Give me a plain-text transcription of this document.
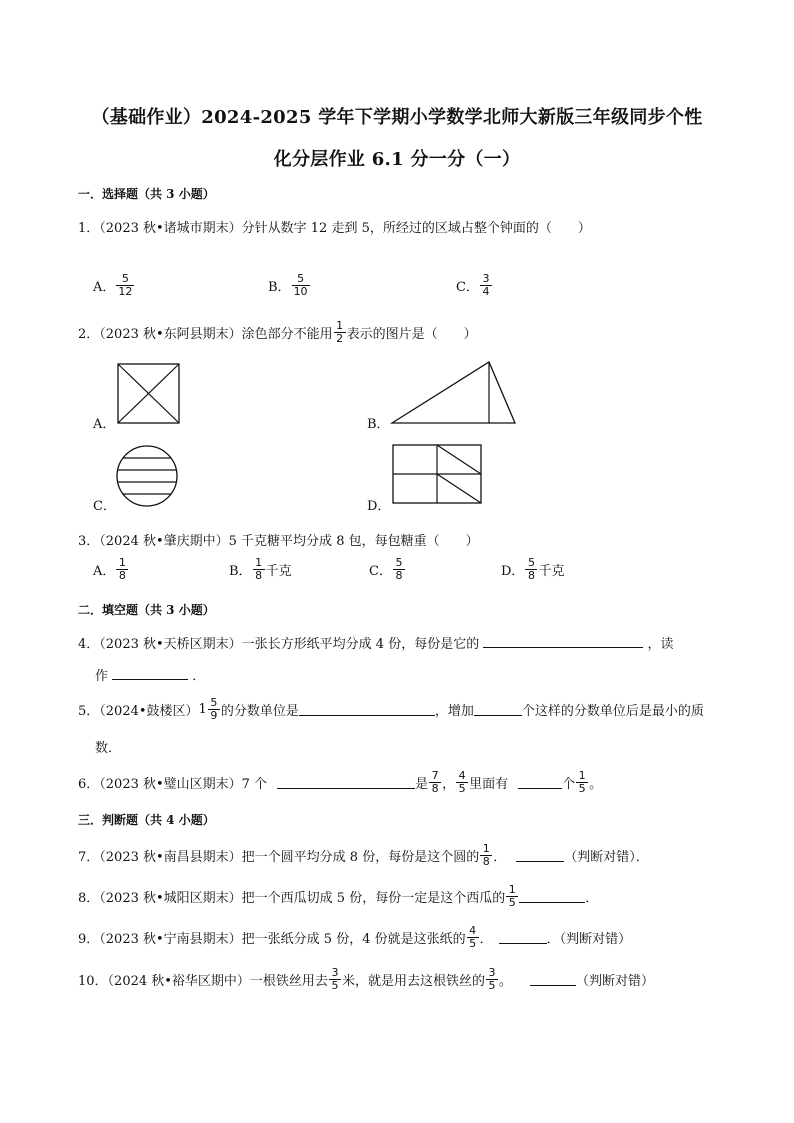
（基础作业）2024-2025 学年下学期小学数学北师大新版三年级同步个性
化分层作业 6.1 分一分（一）
一．选择题（共 3 小题）
1．（2023 秋•诸城市期末）分针从数字 12 走到 5，所经过的区域占整个钟面的（　　）
A． $\frac{5}{12}$	B． $\frac{5}{10}$	C． $\frac{3}{4}$
2．（2023 秋•东阿县期末）涂色部分不能用 $\frac{1}{2}$ 表示的图片是（　　）
A．	B．
C．	D．
3．（2024 秋•肇庆期中）5 千克糖平均分成 8 包，每包糖重（　　）
A． $\frac{1}{8}$	B． $\frac{1}{8}$ 千克	C． $\frac{5}{8}$	D． $\frac{5}{8}$ 千克
二．填空题（共 3 小题）
4．（2023 秋•天桥区期末）一张长方形纸平均分成 4 份，每份是它的	，读
作	．
5．（2024•鼓楼区） $1 \frac{5}{9}$ 的分数单位是	，增加	个这样的分数单位后是最小的质
数．
6．（2023 秋•璧山区期末）7 个	是 $\frac{7}{8}$ ， $\frac{4}{5}$ 里面有	个 $\frac{1}{5}$ 。
三．判断题（共 4 小题）
7．（2023 秋•南昌县期末）把一个圆平均分成 8 份，每份是这个圆的 $\frac{1}{8}$ ．	（判断对错）．
8．（2023 秋•城阳区期末）把一个西瓜切成 5 份，每份一定是这个西瓜的 $\frac{1}{5}$	．
9．（2023 秋•宁南县期末）把一张纸分成 5 份，4 份就是这张纸的 $\frac{4}{5}$ ．	．（判断对错）
10．（2024 秋•裕华区期中）一根铁丝用去 $\frac{3}{5}$ 米，就是用去这根铁丝的 $\frac{3}{5}$ 。	（判断对错）
